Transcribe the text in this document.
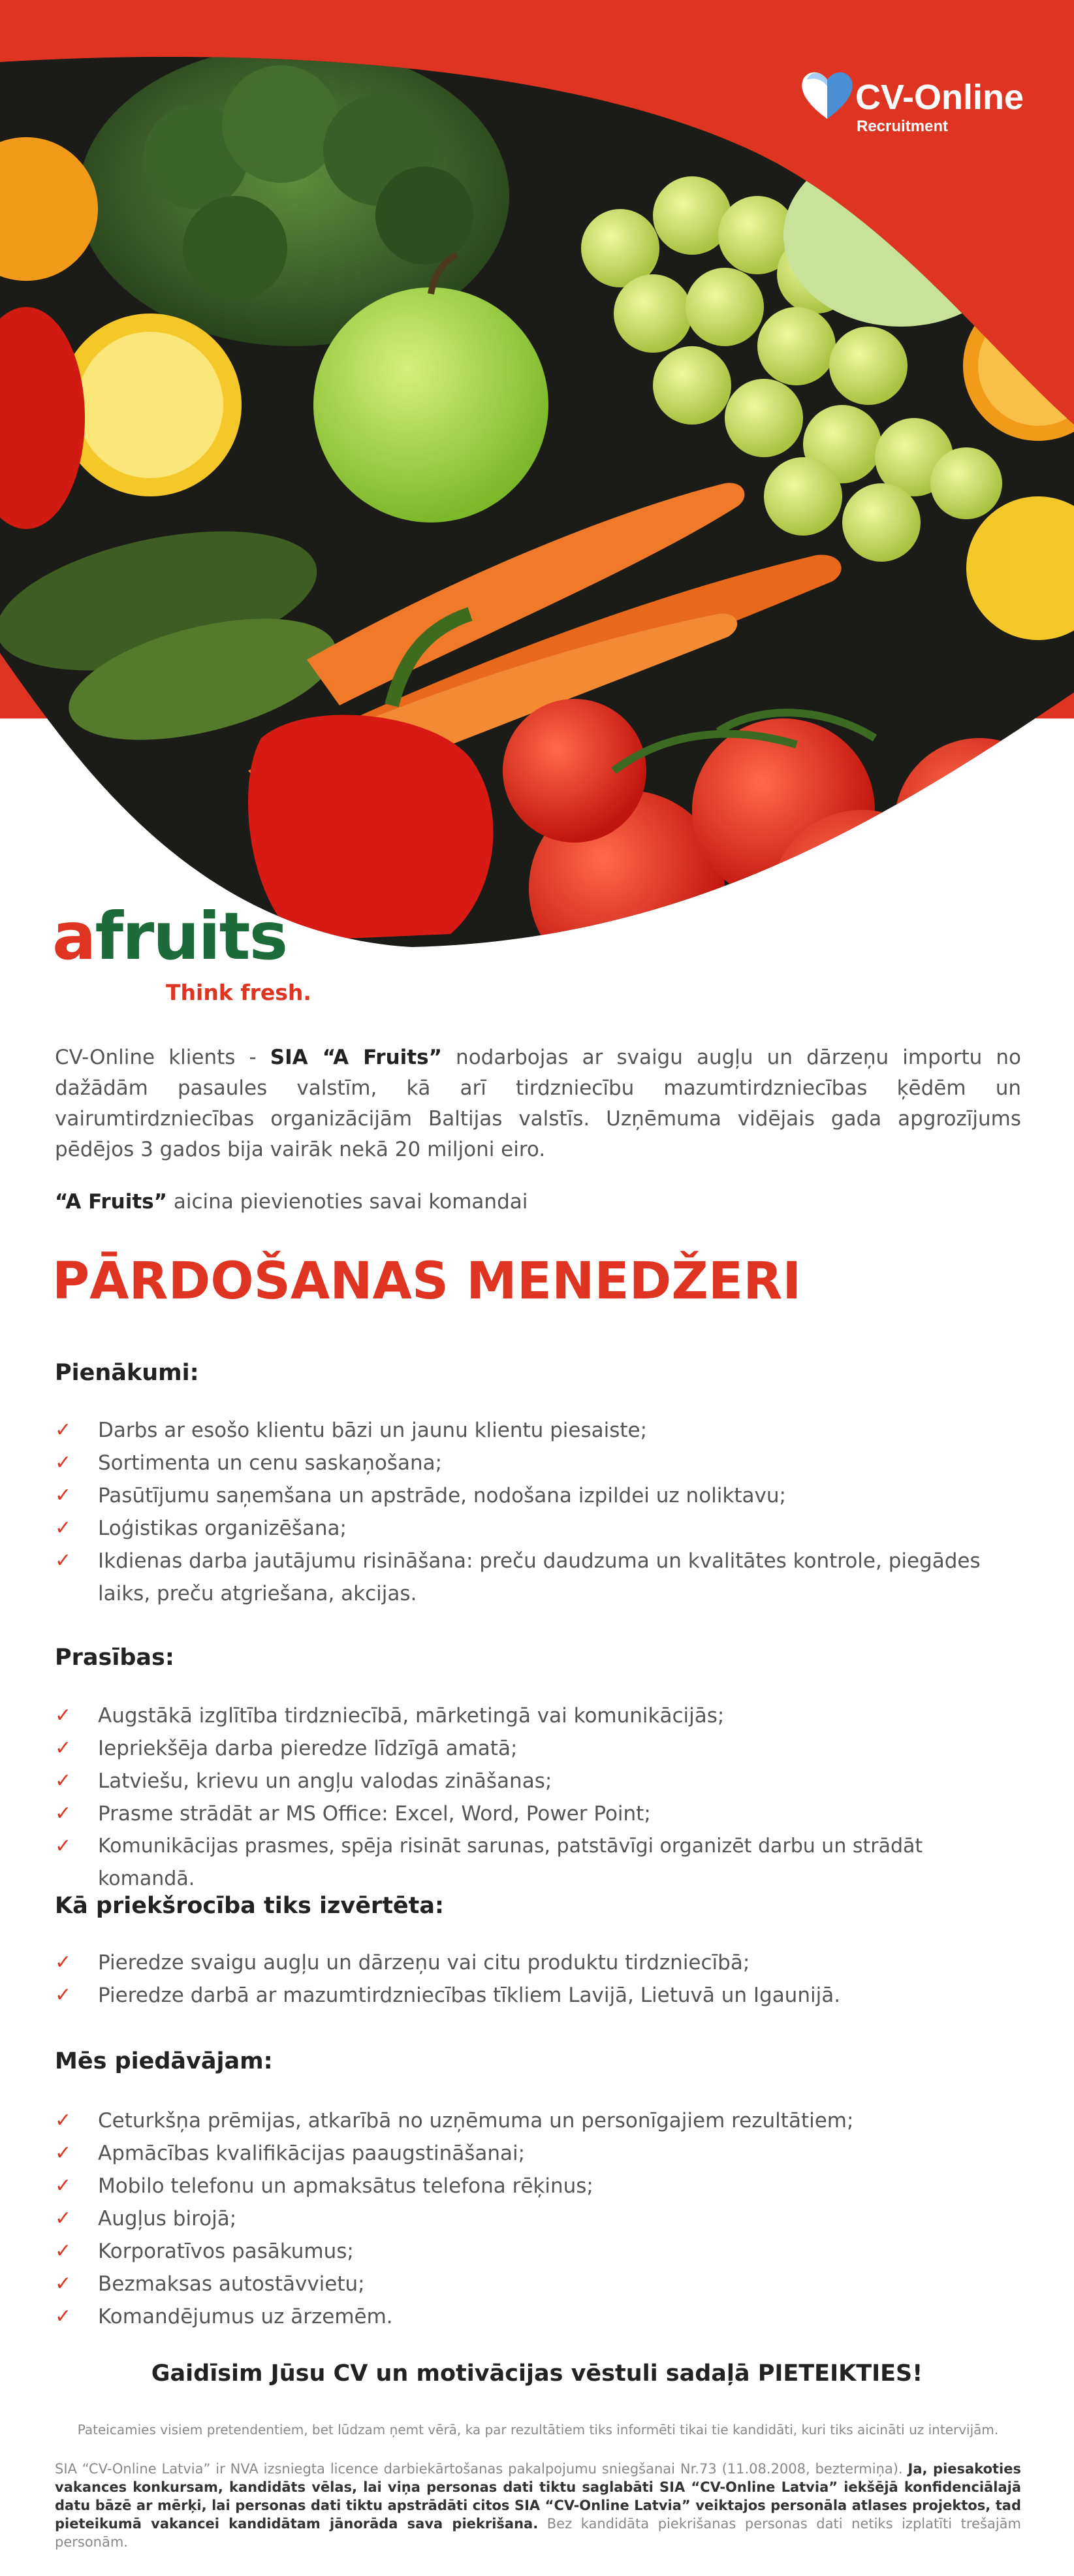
CV-Online
Recruitment
afruits
Think fresh.

CV-Online klients - SIA “A Fruits” nodarbojas ar svaigu augļu un dārzeņu importu no dažādām pasaules valstīm, kā arī tirdzniecību mazumtirdzniecības ķēdēm un vairumtirdzniecības organizācijām Baltijas valstīs. Uzņēmuma vidējais gada apgrozījums pēdējos 3 gados bija vairāk nekā 20 miljoni eiro.

“A Fruits” aicina pievienoties savai komandai

PĀRDOŠANAS MENEDŽERI
Pienākumi:
✓	Darbs ar esošo klientu bāzi un jaunu klientu piesaiste;
✓	Sortimenta un cenu saskaņošana;
✓	Pasūtījumu saņemšana un apstrāde, nodošana izpildei uz noliktavu;
✓	Loģistikas organizēšana;
✓	Ikdienas darba jautājumu risināšana: preču daudzuma un kvalitātes kontrole, piegādes laiks, preču atgriešana, akcijas.
Prasības:
✓	Augstākā izglītība tirdzniecībā, mārketingā vai komunikācijās;
✓	Iepriekšēja darba pieredze līdzīgā amatā;
✓	Latviešu, krievu un angļu valodas zināšanas;
✓	Prasme strādāt ar MS Office: Excel, Word, Power Point;
✓	Komunikācijas prasmes, spēja risināt sarunas, patstāvīgi organizēt darbu un strādāt komandā.
Kā priekšrocība tiks izvērtēta:
✓	Pieredze svaigu augļu un dārzeņu vai citu produktu tirdzniecībā;
✓	Pieredze darbā ar mazumtirdzniecības tīkliem Lavijā, Lietuvā un Igaunijā.
Mēs piedāvājam:
✓	Ceturkšņa prēmijas, atkarībā no uzņēmuma un personīgajiem rezultātiem;
✓	Apmācības kvalifikācijas paaugstināšanai;
✓	Mobilo telefonu un apmaksātus telefona rēķinus;
✓	Augļus birojā;
✓	Korporatīvos pasākumus;
✓	Bezmaksas autostāvvietu;
✓	Komandējumus uz ārzemēm.

Gaidīsim Jūsu CV un motivācijas vēstuli sadaļā PIETEIKTIES!

Pateicamies visiem pretendentiem, bet lūdzam ņemt vērā, ka par rezultātiem tiks informēti tikai tie kandidāti, kuri tiks aicināti uz intervijām.

SIA “CV-Online Latvia” ir NVA izsniegta licence darbiekārtošanas pakalpojumu sniegšanai Nr.73 (11.08.2008, beztermiņa). Ja, piesakoties vakances konkursam, kandidāts vēlas, lai viņa personas dati tiktu saglabāti SIA “CV-Online Latvia” iekšējā konfidenciālajā datu bāzē ar mērķi, lai personas dati tiktu apstrādāti citos SIA “CV-Online Latvia” veiktajos personāla atlases projektos, tad pieteikumā vakancei kandidātam jānorāda sava piekrišana. Bez kandidāta piekrišanas personas dati netiks izplatīti trešajām personām.
